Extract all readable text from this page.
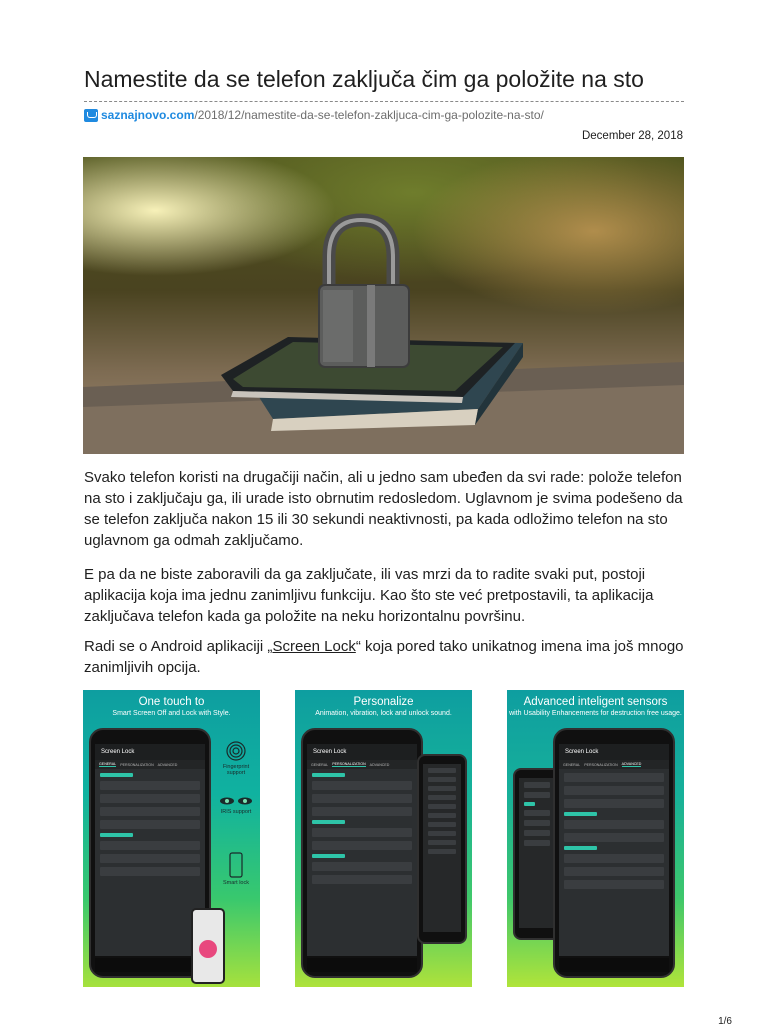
Namestite da se telefon zaključa čim ga položite na sto
saznajnovo.com /2018/12/namestite-da-se-telefon-zakljuca-cim-ga-polozite-na-sto/
December 28, 2018

Svako telefon koristi na drugačiji način, ali u jedno sam ubeđen da svi rade: polože telefon na sto i zaključaju ga, ili urade isto obrnutim redosledom. Uglavnom je svima podešeno da se telefon zaključa nakon 15 ili 30 sekundi neaktivnosti, pa kada odložimo telefon na sto uglavnom ga odmah zaključamo.

E pa da ne biste zaboravili da ga zaključate, ili vas mrzi da to radite svaki put, postoji aplikacija koja ima jednu zanimljivu funkciju. Kao što ste već pretpostavili, ta aplikacija zaključava telefon kada ga položite na neku horizontalnu površinu.

Radi se o Android aplikaciji „Screen Lock“ koja pored tako unikatnog imena ima još mnogo zanimljivih opcija.

One touch to
Smart Screen Off and Lock with Style.
Screen Lock
GENERAL PERSONALIZATION ADVANCED	Fingerprint support
IRIS support
Smart lock
Personalize
Animation, vibration, lock and unlock sound.
Screen Lock
GENERAL PERSONALIZATION ADVANCED
Advanced inteligent sensors
with Usability Enhancements for destruction free usage.
Screen Lock
GENERAL PERSONALIZATION ADVANCED
1/6
